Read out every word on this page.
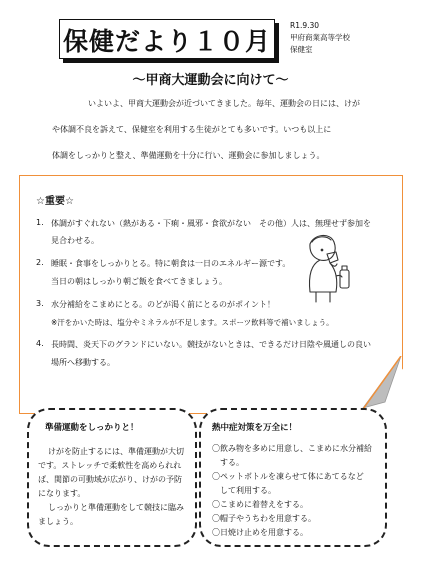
保健だより１０月
R1.9.30
甲府商業高等学校
保健室
～甲商大運動会に向けて～
いよいよ、甲商大運動会が近づいてきました。毎年、運動会の日には、けが
や体調不良を訴えて、保健室を利用する生徒がとても多いです。いつも以上に
体調をしっかりと整え、準備運動を十分に行い、運動会に参加しましょう。
☆重要☆
1. 体調がすぐれない（熱がある・下痢・風邪・食欲がない　その他）人は、無理せず参加を
見合わせる。
2. 睡眠・食事をしっかりとる。特に朝食は一日のエネルギー源です。
当日の朝はしっかり朝ご飯を食べてきましょう。
3. 水分補給をこまめにとる。のどが渇く前にとるのがポイント！
※汗をかいた時は、塩分やミネラルが不足します。スポーツ飲料等で補いましょう。
4. 長時間、炎天下のグランドにいない。競技がないときは、できるだけ日陰や風通しの良い
場所へ移動する。
準備運動をしっかりと！
けがを防止するには、準備運動が大切
です。ストレッチで柔軟性を高められれ
ば、関節の可動域が広がり、けがの予防
になります。
しっかりと準備運動をして競技に臨み
ましょう。
熱中症対策を万全に！
〇飲み物を多めに用意し、こまめに水分補給
する。
〇ペットボトルを凍らせて体にあてるなど
して利用する。
〇こまめに着替えをする。
〇帽子やうちわを用意する。
〇日焼け止めを用意する。
